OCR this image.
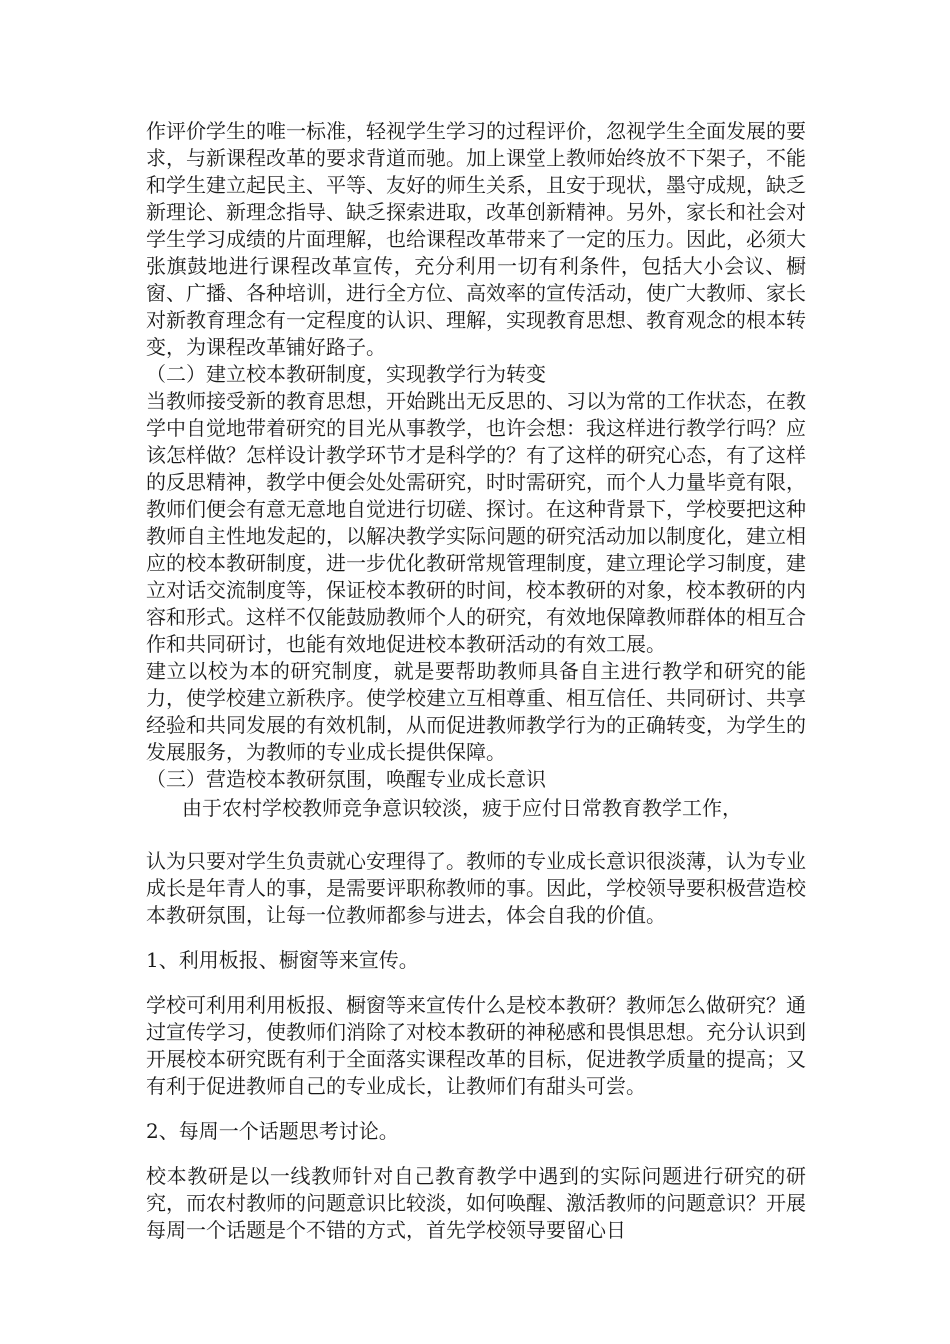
作评价学生的唯一标准，轻视学生学习的过程评价，忽视学生全面发展的要求，与新课程改革的要求背道而驰。加上课堂上教师始终放不下架子，不能和学生建立起民主、平等、友好的师生关系，且安于现状，墨守成规，缺乏新理论、新理念指导、缺乏探索进取，改革创新精神。另外，家长和社会对学生学习成绩的片面理解，也给课程改革带来了一定的压力。因此，必须大张旗鼓地进行课程改革宣传，充分利用一切有利条件，包括大小会议、橱窗、广播、各种培训，进行全方位、高效率的宣传活动，使广大教师、家长对新教育理念有一定程度的认识、理解，实现教育思想、教育观念的根本转变，为课程改革铺好路子。

（二）建立校本教研制度，实现教学行为转变

当教师接受新的教育思想，开始跳出无反思的、习以为常的工作状态，在教学中自觉地带着研究的目光从事教学，也许会想：我这样进行教学行吗？应该怎样做？怎样设计教学环节才是科学的？有了这样的研究心态，有了这样的反思精神，教学中便会处处需研究，时时需研究，而个人力量毕竟有限，教师们便会有意无意地自觉进行切磋、探讨。在这种背景下，学校要把这种教师自主性地发起的，以解决教学实际问题的研究活动加以制度化，建立相应的校本教研制度，进一步优化教研常规管理制度，建立理论学习制度，建立对话交流制度等，保证校本教研的时间，校本教研的对象，校本教研的内容和形式。这样不仅能鼓励教师个人的研究，有效地保障教师群体的相互合作和共同研讨，也能有效地促进校本教研活动的有效工展。

建立以校为本的研究制度，就是要帮助教师具备自主进行教学和研究的能力，使学校建立新秩序。使学校建立互相尊重、相互信任、共同研讨、共享经验和共同发展的有效机制，从而促进教师教学行为的正确转变，为学生的发展服务，为教师的专业成长提供保障。

（三）营造校本教研氛围，唤醒专业成长意识

由于农村学校教师竞争意识较淡，疲于应付日常教育教学工作，

认为只要对学生负责就心安理得了。教师的专业成长意识很淡薄，认为专业成长是年青人的事，是需要评职称教师的事。因此，学校领导要积极营造校本教研氛围，让每一位教师都参与进去，体会自我的价值。

1、利用板报、橱窗等来宣传。

学校可利用利用板报、橱窗等来宣传什么是校本教研？教师怎么做研究？通过宣传学习，使教师们消除了对校本教研的神秘感和畏惧思想。充分认识到开展校本研究既有利于全面落实课程改革的目标，促进教学质量的提高；又有利于促进教师自己的专业成长，让教师们有甜头可尝。

2、每周一个话题思考讨论。

校本教研是以一线教师针对自己教育教学中遇到的实际问题进行研究的研究，而农村教师的问题意识比较淡，如何唤醒、激活教师的问题意识？开展每周一个话题是个不错的方式，首先学校领导要留心日
